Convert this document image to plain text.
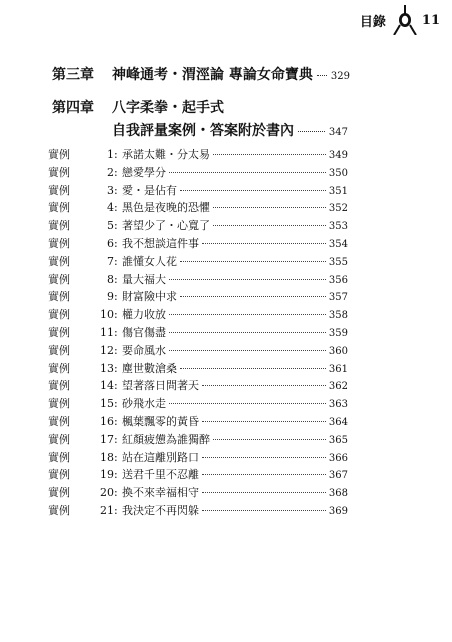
目錄	11
第三章	神峰通考・渭涇論 專論女命寶典 329
第四章	八字柔拳・起手式
自我評量案例・答案附於書內	347
實例	1 : 承諾太難・分太易	349
實例	2 : 戀愛學分	350
實例	3 : 愛・是佔有	351
實例	4 : 黑色是夜晚的恐懼	352
實例	5 : 著望少了・心寬了	353
實例	6 : 我不想談這件事	354
實例	7 : 誰懂女人花	355
實例	8 : 量大福大	356
實例	9 : 財富險中求	357
實例	10 : 權力收放	358
實例	11 : 傷官傷盡	359
實例	12 : 要命風水	360
實例	13 : 塵世數滄桑	361
實例	14 : 望著落日問著天	362
實例	15 : 砂飛水走	363
實例	16 : 楓葉飄零的黃昏	364
實例	17 : 紅顏疲憊為誰獨醉	365
實例	18 : 站在這離別路口	366
實例	19 : 送君千里不忍離	367
實例	20 : 換不來幸福相守	368
實例	21 : 我決定不再閃躲	369
